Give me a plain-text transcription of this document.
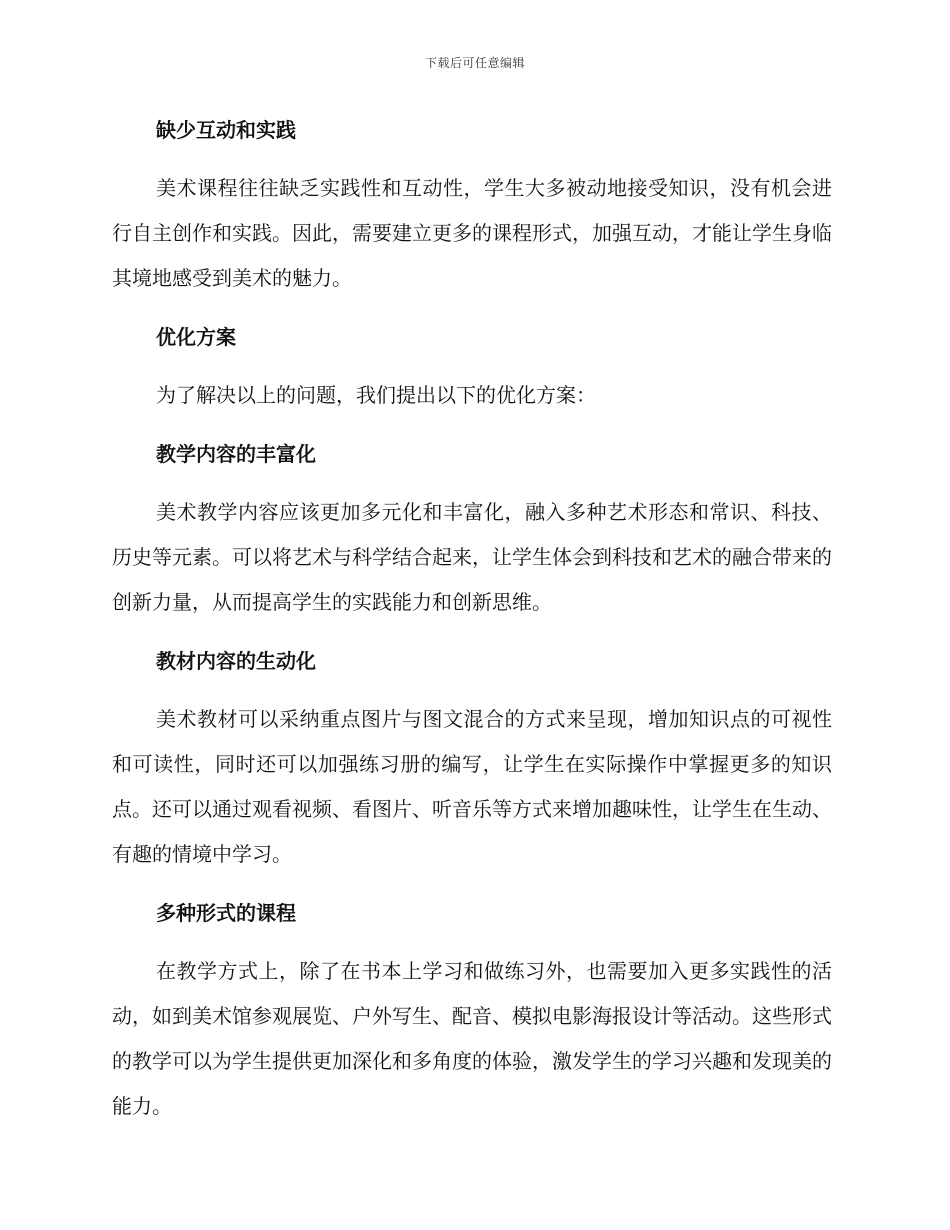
下载后可任意编辑
缺少互动和实践

美术课程往往缺乏实践性和互动性，学生大多被动地接受知识，没有机会进行自主创作和实践。因此，需要建立更多的课程形式，加强互动，才能让学生身临其境地感受到美术的魅力。

优化方案

为了解决以上的问题，我们提出以下的优化方案：

教学内容的丰富化

美术教学内容应该更加多元化和丰富化，融入多种艺术形态和常识、科技、历史等元素。可以将艺术与科学结合起来，让学生体会到科技和艺术的融合带来的创新力量，从而提高学生的实践能力和创新思维。

教材内容的生动化

美术教材可以采纳重点图片与图文混合的方式来呈现，增加知识点的可视性和可读性，同时还可以加强练习册的编写，让学生在实际操作中掌握更多的知识点。还可以通过观看视频、看图片、听音乐等方式来增加趣味性，让学生在生动、有趣的情境中学习。

多种形式的课程

在教学方式上，除了在书本上学习和做练习外，也需要加入更多实践性的活动，如到美术馆参观展览、户外写生、配音、模拟电影海报设计等活动。这些形式的教学可以为学生提供更加深化和多角度的体验，激发学生的学习兴趣和发现美的能力。
